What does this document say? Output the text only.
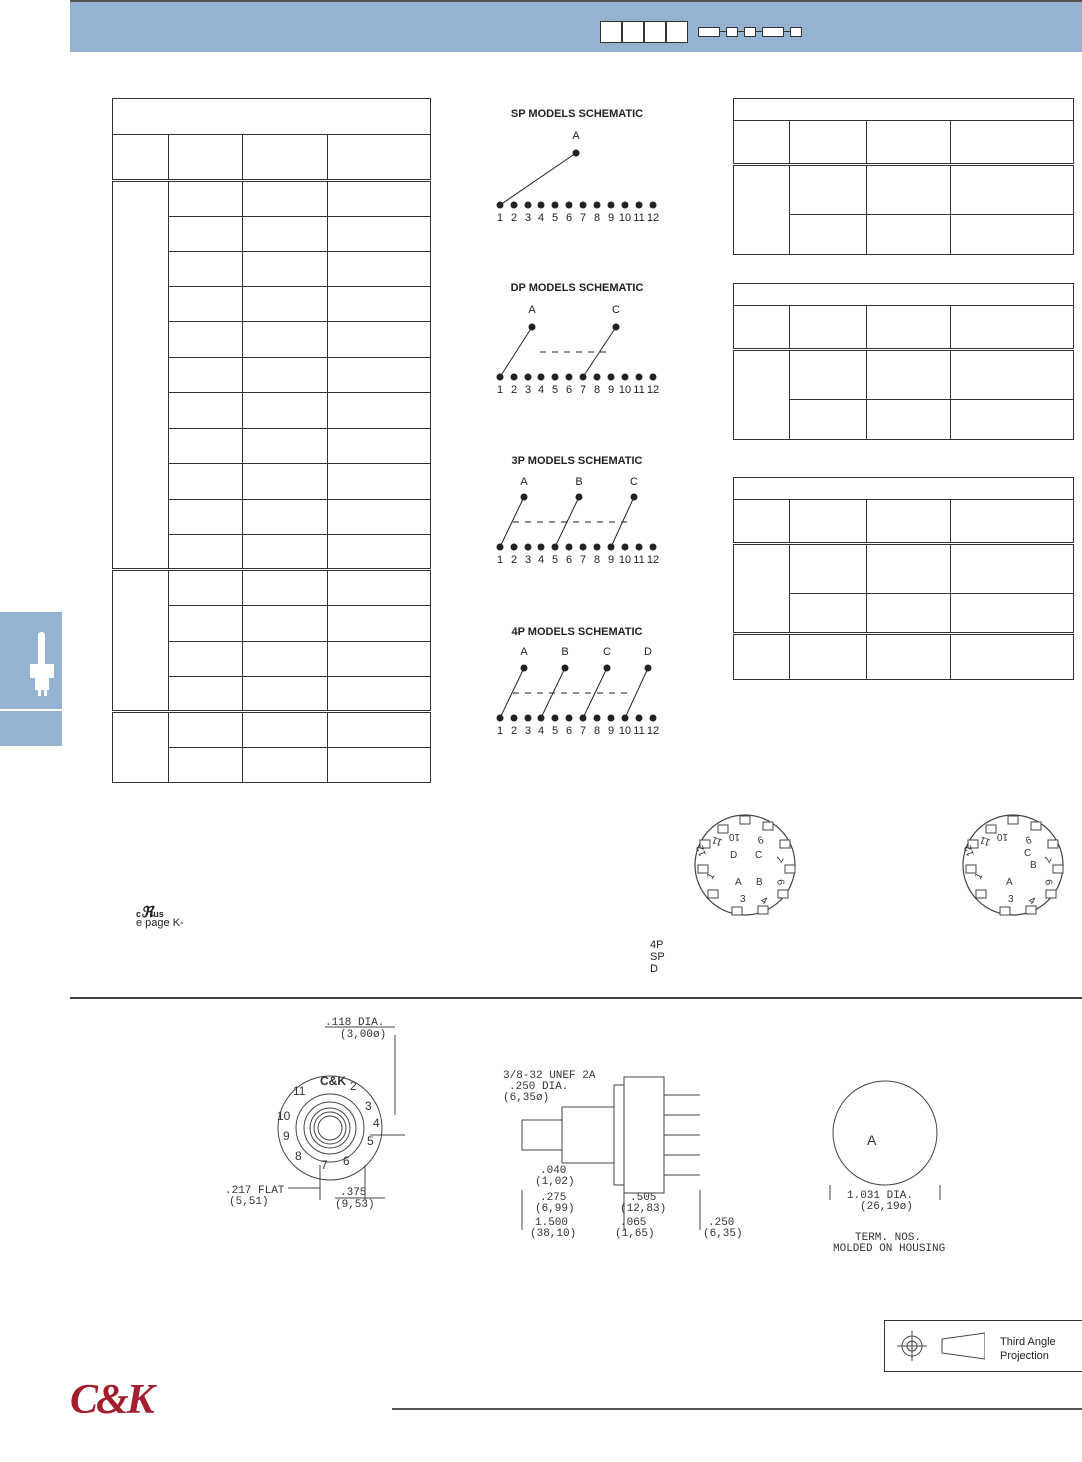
SP MODELS SCHEMATIC
DP MODELS SCHEMATIC
3P MODELS SCHEMATIC
4P MODELS SCHEMATIC
1 2 3 4 5 6 7 8 9 10 11 12
A
1 2 3 4 5 6 7 8 9 10 11 12
A	C
1 2 3 4 5 6 7 8 9 10 11 12
A	B	C
1 2 3 4 5 6 7 8 9 10 11 12
A	B	C	D
11 10 9
12
7
6
4
3
1
D C
A B
11 10 9
12
7
6
4
3
1
C
B
A
4P
SP
D
cℜus
e page K-
C&K 2
3
4
5
6
7
8
9
10
11
.118 DIA.
(3,00ø)
.217 FLAT
(5,51)
.375
(9,53)
3/8-32 UNEF 2A
.250 DIA.
(6,35ø)
.040
(1,02)
.275
(6,99)
.505
(12,83)
1.500
(38,10)
.065
(1,65)
.250
(6,35)
A
1.031 DIA.
(26,19ø)
TERM. NOS.
MOLDED ON HOUSING
Third Angle
Projection
C&K
